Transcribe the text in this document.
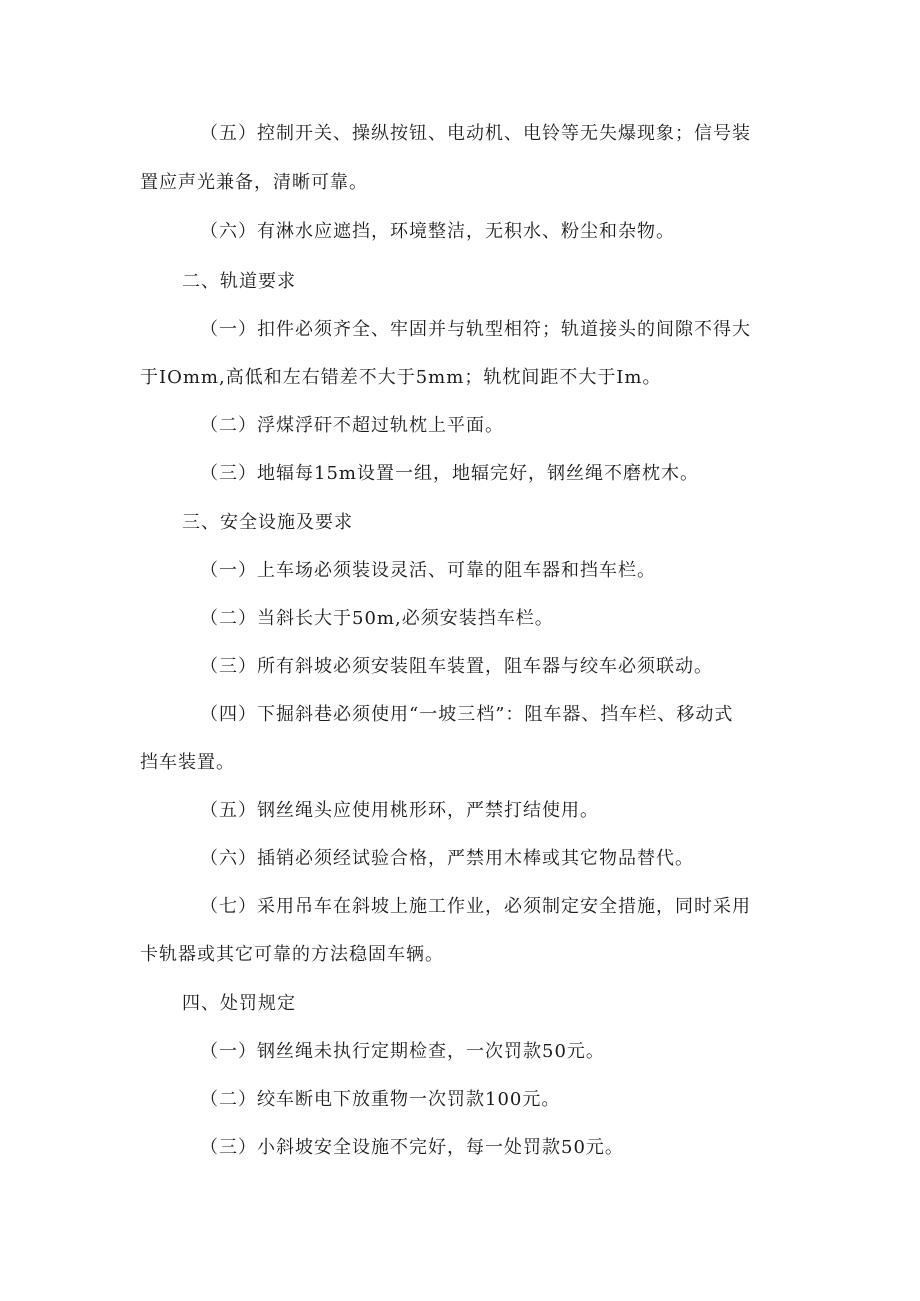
（五）控制开关、操纵按钮、电动机、电铃等无失爆现象；信号装
置应声光兼备，清晰可靠。
（六）有淋水应遮挡，环境整洁，无积水、粉尘和杂物。
二、轨道要求
（一）扣件必须齐全、牢固并与轨型相符；轨道接头的间隙不得大
于IOmm,高低和左右错差不大于5mm；轨枕间距不大于Im。
（二）浮煤浮矸不超过轨枕上平面。
（三）地辐每15m设置一组，地辐完好，钢丝绳不磨枕木。
三、安全设施及要求
（一）上车场必须装设灵活、可靠的阻车器和挡车栏。
（二）当斜长大于50m,必须安装挡车栏。
（三）所有斜坡必须安装阻车装置，阻车器与绞车必须联动。
（四）下掘斜巷必须使用“一坡三档”：阻车器、挡车栏、移动式
挡车装置。
（五）钢丝绳头应使用桃形环，严禁打结使用。
（六）插销必须经试验合格，严禁用木棒或其它物品替代。
（七）采用吊车在斜坡上施工作业，必须制定安全措施，同时采用
卡轨器或其它可靠的方法稳固车辆。
四、处罚规定
（一）钢丝绳未执行定期检查，一次罚款50元。
（二）绞车断电下放重物一次罚款100元。
（三）小斜坡安全设施不完好，每一处罚款50元。
